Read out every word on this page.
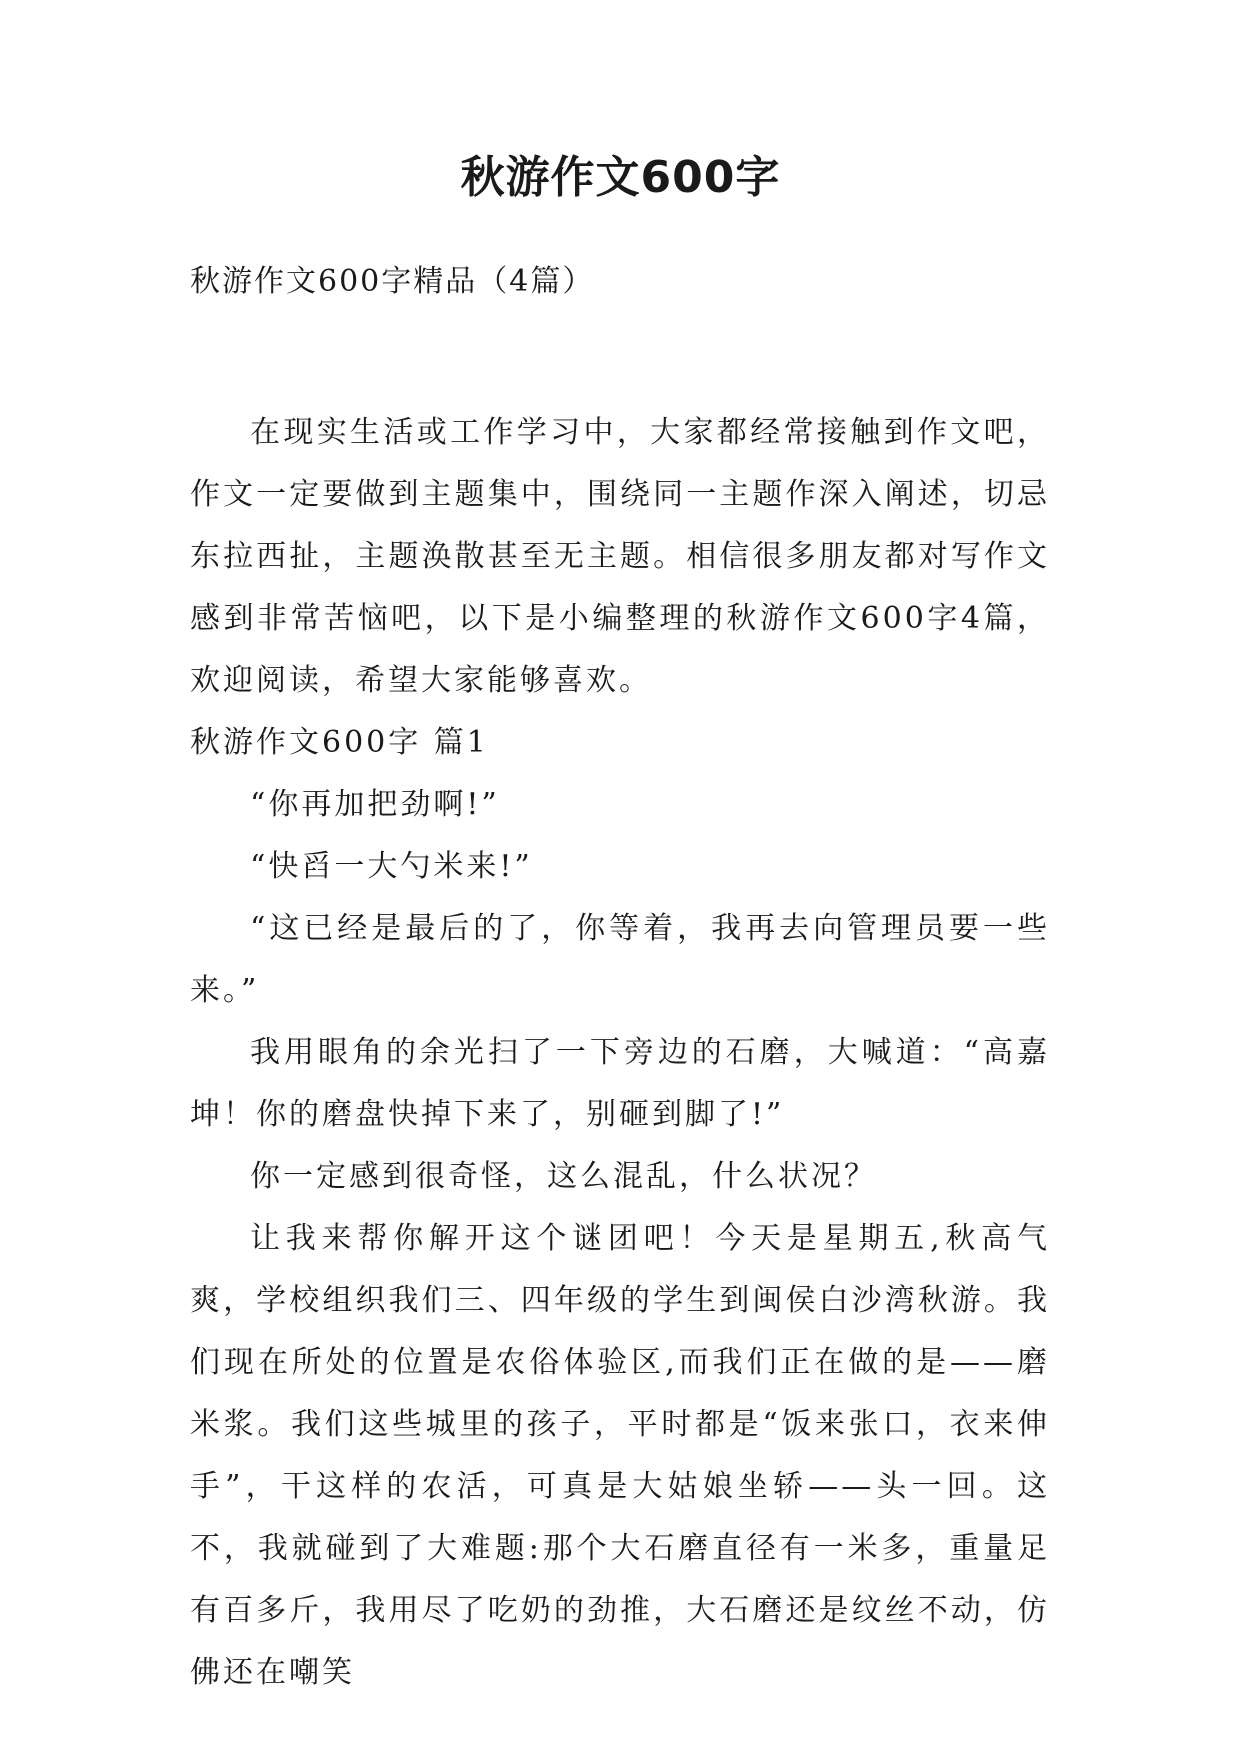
秋游作文600字
秋游作文600字精品（4篇）

在现实生活或工作学习中，大家都经常接触到作文吧，作文一定要做到主题集中，围绕同一主题作深入阐述，切忌东拉西扯，主题涣散甚至无主题。相信很多朋友都对写作文感到非常苦恼吧，以下是小编整理的秋游作文600字4篇，欢迎阅读，希望大家能够喜欢。

秋游作文600字 篇1

“你再加把劲啊!”

“快舀一大勺米来!”

“这已经是最后的了，你等着，我再去向管理员要一些来。”

我用眼角的余光扫了一下旁边的石磨，大喊道：“高嘉坤！你的磨盘快掉下来了，别砸到脚了!”

你一定感到很奇怪，这么混乱，什么状况？

让我来帮你解开这个谜团吧！今天是星期五,秋高气爽，学校组织我们三、四年级的学生到闽侯白沙湾秋游。我们现在所处的位置是农俗体验区,而我们正在做的是——磨米浆。我们这些城里的孩子，平时都是“饭来张口，衣来伸手”，干这样的农活，可真是大姑娘坐轿——头一回。这不，我就碰到了大难题:那个大石磨直径有一米多，重量足有百多斤，我用尽了吃奶的劲推，大石磨还是纹丝不动，仿佛还在嘲笑
